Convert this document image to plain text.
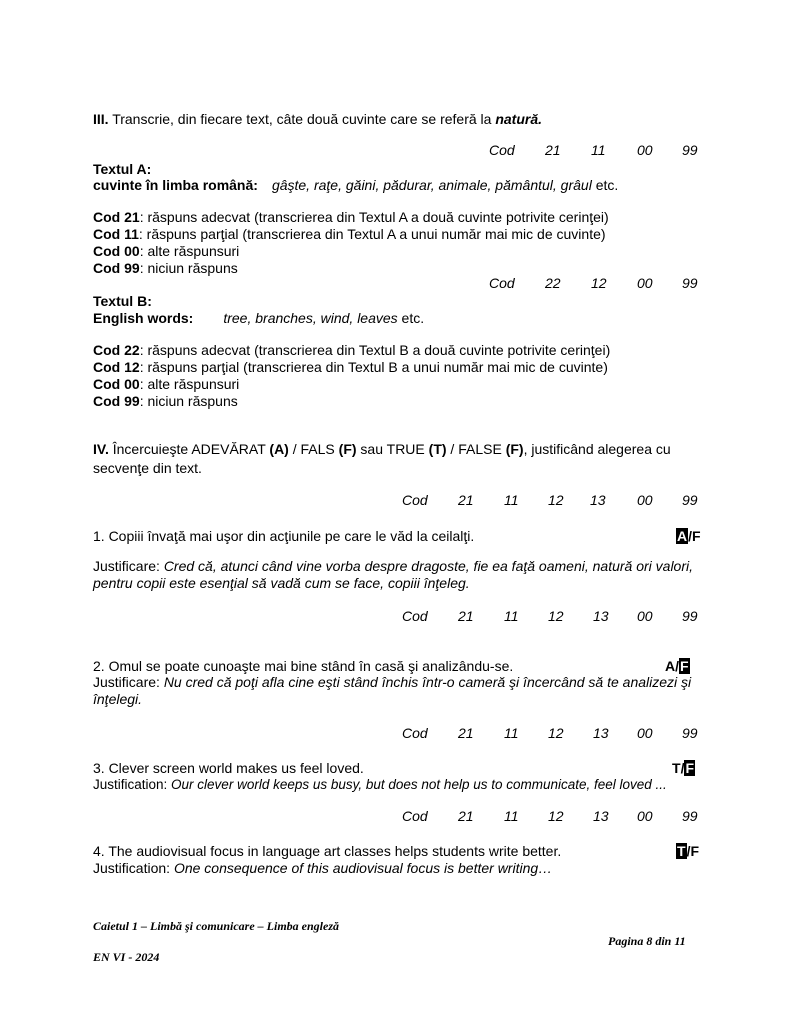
III. Transcrie, din fiecare text, câte două cuvinte care se referă la natură.
Cod 21 11 00 99
Textul A:
cuvinte în limba română: gâşte, raţe, găini, pădurar, animale, pământul, grâul etc.
Cod 21: răspuns adecvat (transcrierea din Textul A a două cuvinte potrivite cerinţei)
Cod 11: răspuns parţial (transcrierea din Textul A a unui număr mai mic de cuvinte)
Cod 00: alte răspunsuri
Cod 99: niciun răspuns
Cod 22 12 00 99
Textul B:
English words: tree, branches, wind, leaves etc.
Cod 22: răspuns adecvat (transcrierea din Textul B a două cuvinte potrivite cerinţei)
Cod 12: răspuns parţial (transcrierea din Textul B a unui număr mai mic de cuvinte)
Cod 00: alte răspunsuri
Cod 99: niciun răspuns
IV. Încercuieşte ADEVĂRAT (A) / FALS (F) sau TRUE (T) / FALSE (F), justificând alegerea cu secvenţe din text.
Cod 21 11 12 13 00 99
1. Copiii învaţă mai uşor din acţiunile pe care le văd la ceilalţi.	A/F
Justificare: Cred că, atunci când vine vorba despre dragoste, fie ea faţă oameni, natură ori valori, pentru copii este esenţial să vadă cum se face, copiii înţeleg.
Cod 21 11 12 13 00 99
2. Omul se poate cunoaşte mai bine stând în casă şi analizându-se.	A/F
Justificare: Nu cred că poţi afla cine eşti stând închis într-o cameră şi încercând să te analizezi şi înţelegi.
Cod 21 11 12 13 00 99
3. Clever screen world makes us feel loved.	T/F
Justification: Our clever world keeps us busy, but does not help us to communicate, feel loved ...
Cod 21 11 12 13 00 99
4. The audiovisual focus in language art classes helps students write better.	T/F
Justification: One consequence of this audiovisual focus is better writing…
Caietul 1 – Limbă şi comunicare – Limba engleză
Pagina 8 din 11
EN VI - 2024
